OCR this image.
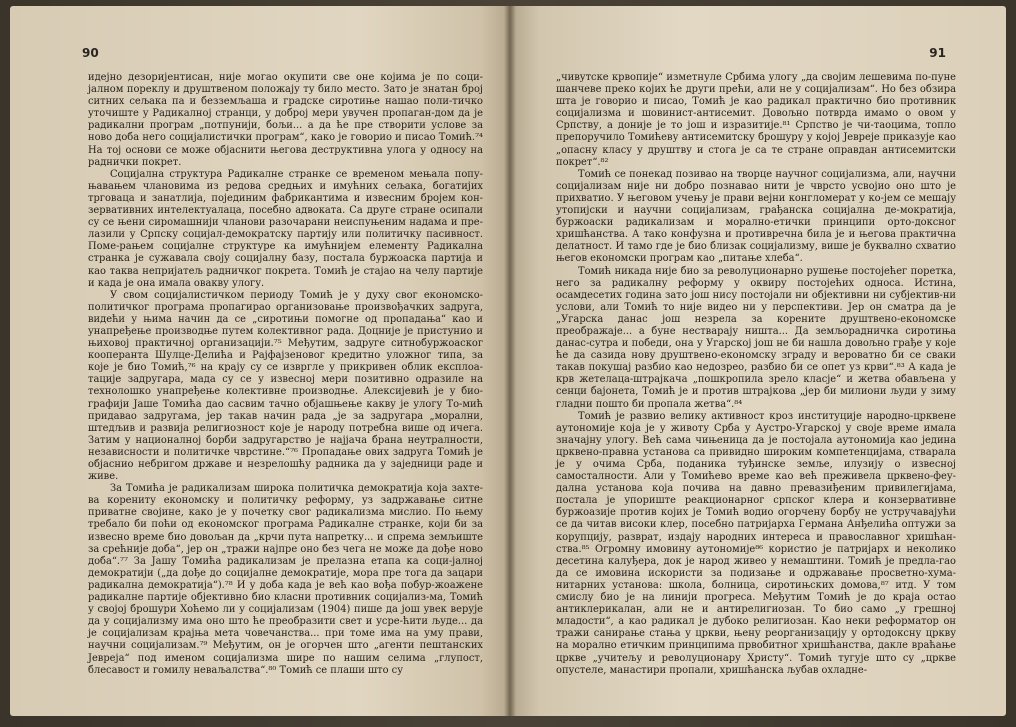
90

идејно дезоријентисан, није могао окупити све оне којима је по соци-јалном пореклу и друштвеном положају ту било место. Зато је знатан број ситних сељака па и безземљаша и градске сиротиње нашао поли-тичко уточиште у Радикалној странци, у доброј мери увучен пропаган-дом да је радикални програм „потпунији, бољи... а да ће пре створити услове за ново доба него социјалистички програм“, како је говорио и писао Томић.⁷⁴ На тој основи се може објаснити његова деструктивна улога у односу на раднички покрет.

Социјална структура Радикалне странке се временом мењала попу-њавањем члановима из редова средњих и имућних сељака, богатијих трговаца и занатлија, појединим фабрикантима и извесним бројем кон-зервативних интелектуалаца, посебно адвоката. Са друге стране осипали су се њени сиромашнији чланови разочарани неиспуњеним надама и пре-лазили у Српску социјал-демократску партију или политичку пасивност. Поме-рањем социјалне структуре ка имућнијем елементу Радикална странка је сужавала своју социјалну базу, постала буржоаска партија и као таква непријатељ радничког покрета. Томић је стајао на челу партије и када је она имала овакву улогу.

У свом социјалистичком периоду Томић је у духу свог економско-политичког програма пропагирао организовање произвођачких задруга, видећи у њима начин да се „сиротињи помогне од пропадања“ као и унапређење производње путем колективног рада. Доцније је пристунио и њиховој практичној организацији.⁷⁵ Међутим, задруге ситнобуржоаског кооперанта Шулце-Делића и Рајфајзеновог кредитно уложног типа, за које је био Томић,⁷⁶ на крају су се изврглe у прикривен облик експлоа-тације задругара, мада су се у извесној мери позитивно одразиле на технолошко унапређење колективне производње. Алексијевић је у био-графији Јаше Томића дао сасвим тачно објашњење какву је улогу То-мић придавао задругама, јер такав начин рада „је за задругара „морални, штедљив и развија религиозност које је народу потребна више од ичега. Затим у националној борби задругарство је најјача брана неутралности, независности и политичке чврстине.“⁷⁶ Пропадање ових задруга Томић је објаснио небригом државе и незрелошћу радника да у заједници раде и живе.

За Томића је радикализам широка политичка демократија која захте-ва корениту економску и политичку реформу, уз задржавање ситне приватне својине, како је у почетку свог радикализма мислио. По њему требало би поћи од економског програма Радикалне странке, који би за извесно време био довољан да „крчи пута напретку... и спрема земљиште за срећније доба“, јер он „тражи најпре оно без чега не може да дође ново доба“.⁷⁷ За Јашу Томића радикализам је прелазна етапа ка соци-јалној демократији („да дође до социјалне демократије, мора пре тога да зацари радикална демократија“).⁷⁸ И у доба када је већ као вођа побур-жоажене радикалне партије објективно био класни противник социјализ-ма, Томић у својој брошури Хоћемо ли у социјализам (1904) пише да још увек верује да у социјализму има оно што ће преобразити свет и усре-ћити људе... да је социјализам крајња мета човечанства... при томе има на уму прави, научни социјализам.⁷⁹ Међутим, он је огорчен што „агенти пештанских Јевреја“ под именом социјализма шире по нашим селима „глупост, блесавост и гомилу неваљалства“.⁸⁰ Томић се плаши што су

91

„чивутске крвопије“ изметнуле Србима улогу „да својим лешевима по-пуне шанчеве преко којих ће други прећи, али не у социјализам“. Но без обзира шта је говорио и писао, Томић је као радикал практично био противник социјализма и шовинист-антисемит. Довољно потврда имамо о овом у Српству, а доније је то још и изразитије.⁸¹ Српство је чи-таоцима, топло препоручило Томићеву антисемитску брошуру у којој Јевреје приказује као „опасну класу у друштву и стога је са те стране оправдан антисемитски покрет“.⁸²

Томић се понекад позивао на творце научног социјализма, али, научни социјализам није ни добро познавао нити је чврсто усвојио оно што је прихватио. У његовом учењу је прави вејни конгломерат у ко-јем се мешају утопијски и научни социјализам, грађанска социјална де-мократија, буржоаски радикализам и морално-етички принципи орто-доксног хришћанства. А тако конфузна и противречна била је и његова практична делатност. И тамо где је био близак социјализму, више је буквално схватио његов економски програм као „питање хлеба“.

Томић никада није био за револуционарно рушење постојећег поретка, него за радикалну реформу у оквиру постојећих односа. Истина, осамдесетих година зато још нису постојали ни објективни ни субјектив-ни услови, али Томић то није видео ни у перспективи. Јер он сматра да је „Угарска данас још незрела за корените друштвено-економске преображаје... а буне нестварају ништа... Да земљорадничка сиротиња данас-сутра и победи, она у Угарској још не би нашла довољно грађе у које ће да сазида нову друштвено-економску зграду и вероватно би се сваки такав покушај разбио као недозрео, разбио би се опет уз крви“.⁸³ А када је крв жетелаца-штрајкача „пошкропила зрело класје“ и жетва обављена у сенци бајонета, Томић је и против штрајкова „јер би милиони људи у зиму гладни пошто би пропала жетва“.⁸⁴

Томић је развио велику активност кроз институције народно-црквене аутономије која је у животу Срба у Аустро-Угарској у своје време имала значајну улогу. Већ сама чињеница да је постојала аутономија као једина црквено-правна установа са привидно широким компетенцијама, стварала је у очима Срба, поданика туђинске земље, илузију о извесној самосталности. Али у Томићево време као већ преживела црквено-феу-дална установа која почива на давно превазиђеним привилегијама, постала је упориште реакционарног српског клера и конзервативне буржоазије против којих је Томић водио огорчену борбу не устручавајући се да читав високи клер, посебно патријарха Германа Анђелића оптужи за корупцију, разврат, издају народних интереса и православног хришћан-ства.⁸⁵ Огромну имовину аутономије⁸⁶ користио је патријарх и неколико десетина калуђера, док је народ живео у немаштини. Томић је предла-гао да се имовина искористи за подизање и одржавање просветно-хума-нитарних установа: школа, болница, сиротињских домова,⁸⁷ итд. У том смислу био је на линији прогреса. Међутим Томић је до краја остао антиклерикалан, али не и антирелигиозан. То био само „у грешној младости“, а као радикал је дубоко религиозан. Као неки реформатор он тражи санирање стања у цркви, њену реорганизацију у ортодоксну цркву на морално етичким принципима првобитног хришћанства, дакле враћање цркве „учитељу и револуционару Христу“. Томић тугује што су „цркве опустеле, манастири пропали, хришћанска љубав охладне-
